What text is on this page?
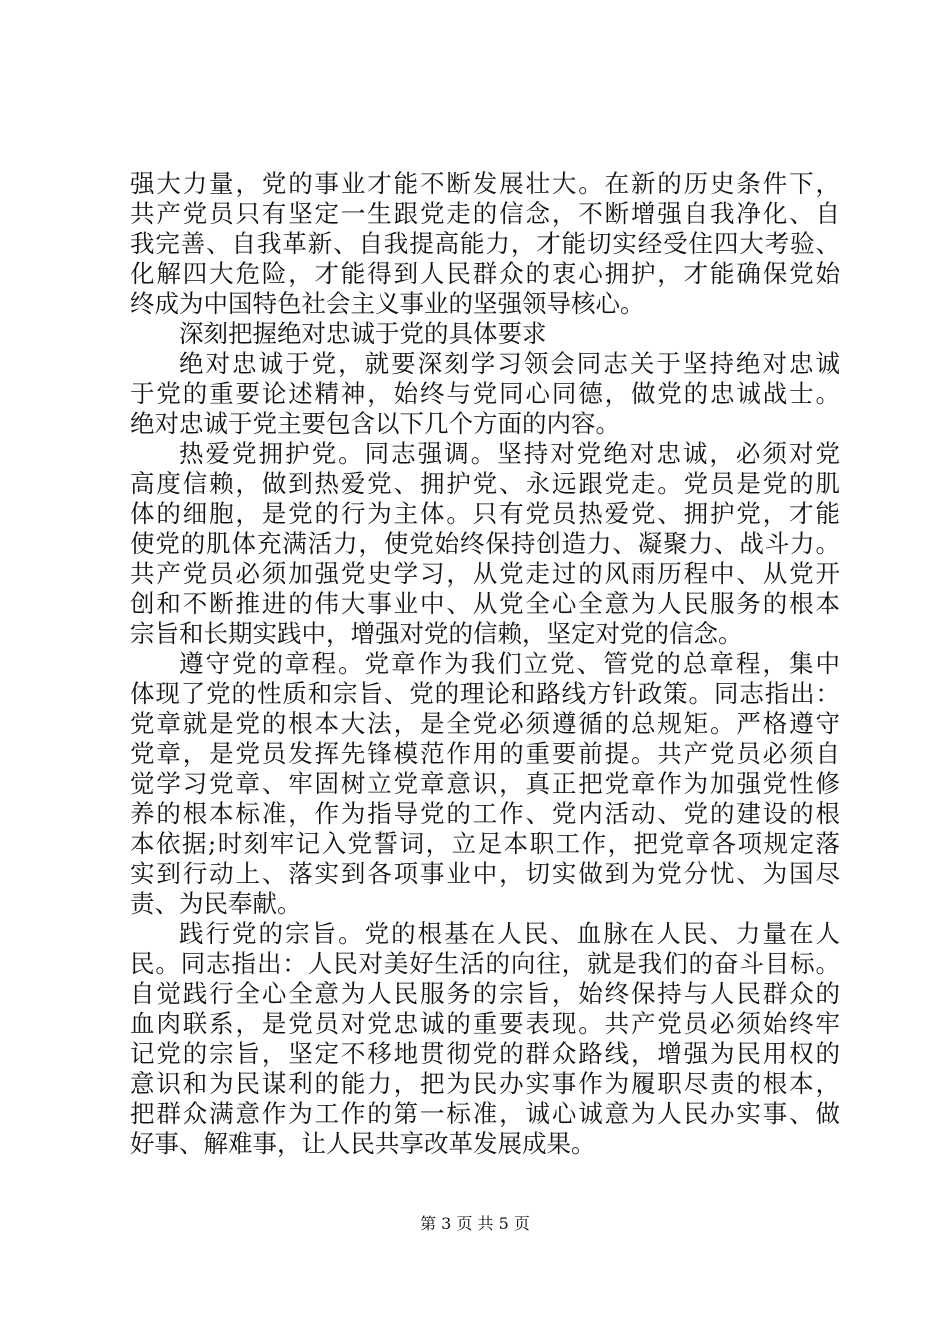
强大力量，党的事业才能不断发展壮大。在新的历史条件下，
共产党员只有坚定一生跟党走的信念，不断增强自我净化、自
我完善、自我革新、自我提高能力，才能切实经受住四大考验、
化解四大危险，才能得到人民群众的衷心拥护，才能确保党始
终成为中国特色社会主义事业的坚强领导核心。
深刻把握绝对忠诚于党的具体要求
绝对忠诚于党，就要深刻学习领会同志关于坚持绝对忠诚
于党的重要论述精神，始终与党同心同德，做党的忠诚战士。
绝对忠诚于党主要包含以下几个方面的内容。
热爱党拥护党。同志强调。坚持对党绝对忠诚，必须对党
高度信赖，做到热爱党、拥护党、永远跟党走。党员是党的肌
体的细胞，是党的行为主体。只有党员热爱党、拥护党，才能
使党的肌体充满活力，使党始终保持创造力、凝聚力、战斗力。
共产党员必须加强党史学习，从党走过的风雨历程中、从党开
创和不断推进的伟大事业中、从党全心全意为人民服务的根本
宗旨和长期实践中，增强对党的信赖，坚定对党的信念。
遵守党的章程。党章作为我们立党、管党的总章程，集中
体现了党的性质和宗旨、党的理论和路线方针政策。同志指出：
党章就是党的根本大法，是全党必须遵循的总规矩。严格遵守
党章，是党员发挥先锋模范作用的重要前提。共产党员必须自
觉学习党章、牢固树立党章意识，真正把党章作为加强党性修
养的根本标准，作为指导党的工作、党内活动、党的建设的根
本依据;时刻牢记入党誓词，立足本职工作，把党章各项规定落
实到行动上、落实到各项事业中，切实做到为党分忧、为国尽
责、为民奉献。
践行党的宗旨。党的根基在人民、血脉在人民、力量在人
民。同志指出：人民对美好生活的向往，就是我们的奋斗目标。
自觉践行全心全意为人民服务的宗旨，始终保持与人民群众的
血肉联系，是党员对党忠诚的重要表现。共产党员必须始终牢
记党的宗旨，坚定不移地贯彻党的群众路线，增强为民用权的
意识和为民谋利的能力，把为民办实事作为履职尽责的根本，
把群众满意作为工作的第一标准，诚心诚意为人民办实事、做
好事、解难事，让人民共享改革发展成果。
第 3 页 共 5 页
